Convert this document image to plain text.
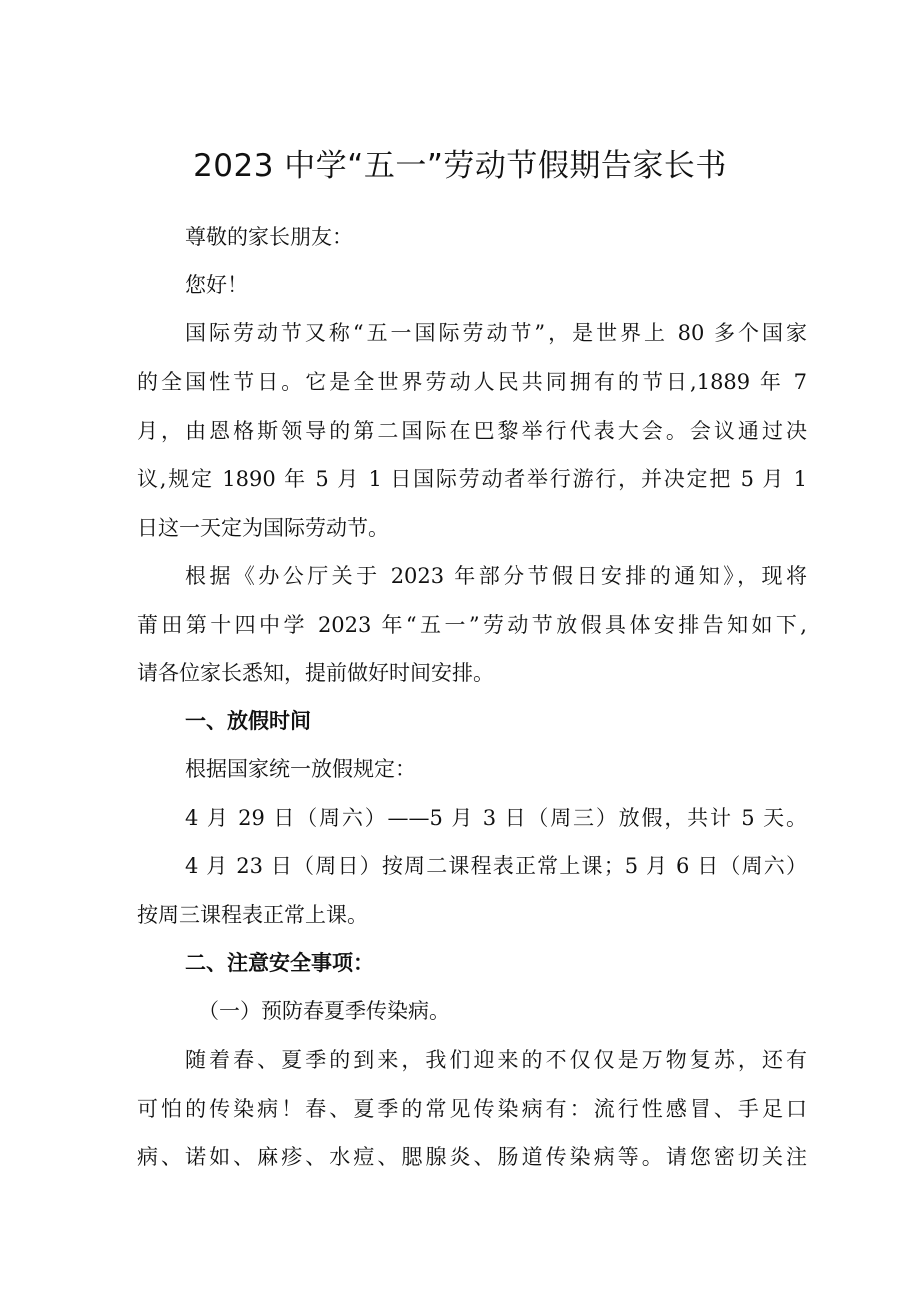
2023 中学“五一”劳动节假期告家长书

尊敬的家长朋友：

您好！

国际劳动节又称“五一国际劳动节”，是世界上 80 多个国家

的全国性节日。它是全世界劳动人民共同拥有的节日,1889 年 7

月，由恩格斯领导的第二国际在巴黎举行代表大会。会议通过决

议,规定 1890 年 5 月 1 日国际劳动者举行游行，并决定把 5 月 1

日这一天定为国际劳动节。

根据《办公厅关于 2023 年部分节假日安排的通知》，现将

莆田第十四中学 2023 年“五一”劳动节放假具体安排告知如下,

请各位家长悉知，提前做好时间安排。

一、放假时间

根据国家统一放假规定：

4 月 29 日（周六）——5 月 3 日（周三）放假，共计 5 天。

4 月 23 日（周日）按周二课程表正常上课；5 月 6 日（周六）

按周三课程表正常上课。

二、注意安全事项：

（一）预防春夏季传染病。

随着春、夏季的到来，我们迎来的不仅仅是万物复苏，还有

可怕的传染病！春、夏季的常见传染病有：流行性感冒、手足口

病、诺如、麻疹、水痘、腮腺炎、肠道传染病等。请您密切关注
